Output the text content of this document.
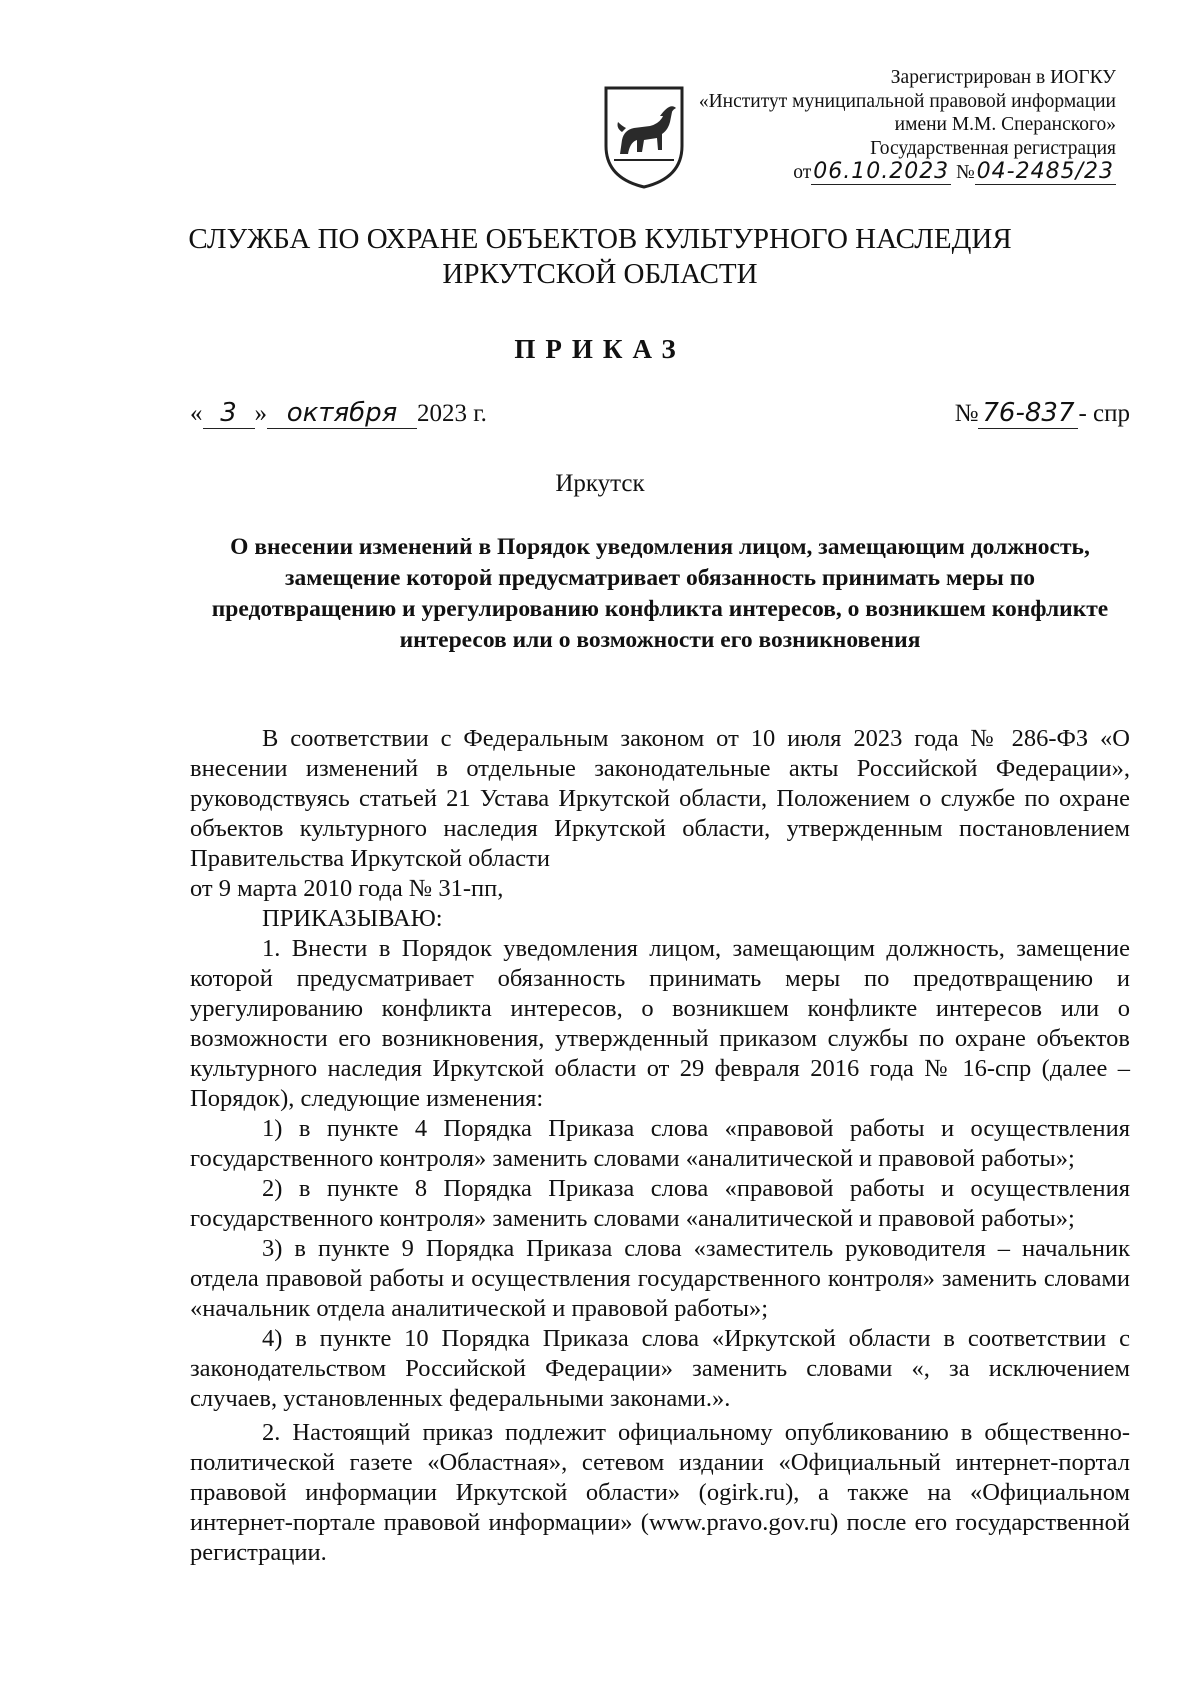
Зарегистрирован в ИОГКУ
«Институт муниципальной правовой информации
имени М.М. Сперанского»
Государственная регистрация
от06.10.2023 №04-2485/23
СЛУЖБА ПО ОХРАНЕ ОБЪЕКТОВ КУЛЬТУРНОГО НАСЛЕДИЯ
ИРКУТСКОЙ ОБЛАСТИ
ПРИКАЗ
« 3 » октября 2023 г.	№ 76-837 - спр
Иркутск
О внесении изменений в Порядок уведомления лицом, замещающим должность, замещение которой предусматривает обязанность принимать меры по предотвращению и урегулированию конфликта интересов, о возникшем конфликте интересов или о возможности его возникновения

В соответствии с Федеральным законом от 10 июля 2023 года № 286-ФЗ «О внесении изменений в отдельные законодательные акты Российской Федерации», руководствуясь статьей 21 Устава Иркутской области, Положением о службе по охране объектов культурного наследия Иркутской области, утвержденным постановлением Правительства Иркутской области
от 9 марта 2010 года № 31-пп,

ПРИКАЗЫВАЮ:

1. Внести в Порядок уведомления лицом, замещающим должность, замещение которой предусматривает обязанность принимать меры по предотвращению и урегулированию конфликта интересов, о возникшем конфликте интересов или о возможности его возникновения, утвержденный приказом службы по охране объектов культурного наследия Иркутской области от 29 февраля 2016 года № 16-спр (далее – Порядок), следующие изменения:

1) в пункте 4 Порядка Приказа слова «правовой работы и осуществления государственного контроля» заменить словами «аналитической и правовой работы»;

2) в пункте 8 Порядка Приказа слова «правовой работы и осуществления государственного контроля» заменить словами «аналитической и правовой работы»;

3) в пункте 9 Порядка Приказа слова «заместитель руководителя – начальник отдела правовой работы и осуществления государственного контроля» заменить словами «начальник отдела аналитической и правовой работы»;

4) в пункте 10 Порядка Приказа слова «Иркутской области в соответствии с законодательством Российской Федерации» заменить словами «, за исключением случаев, установленных федеральными законами.».

2. Настоящий приказ подлежит официальному опубликованию в общественно-политической газете «Областная», сетевом издании «Официальный интернет-портал правовой информации Иркутской области» (ogirk.ru), а также на «Официальном интернет-портале правовой информации» (www.pravo.gov.ru) после его государственной регистрации.
